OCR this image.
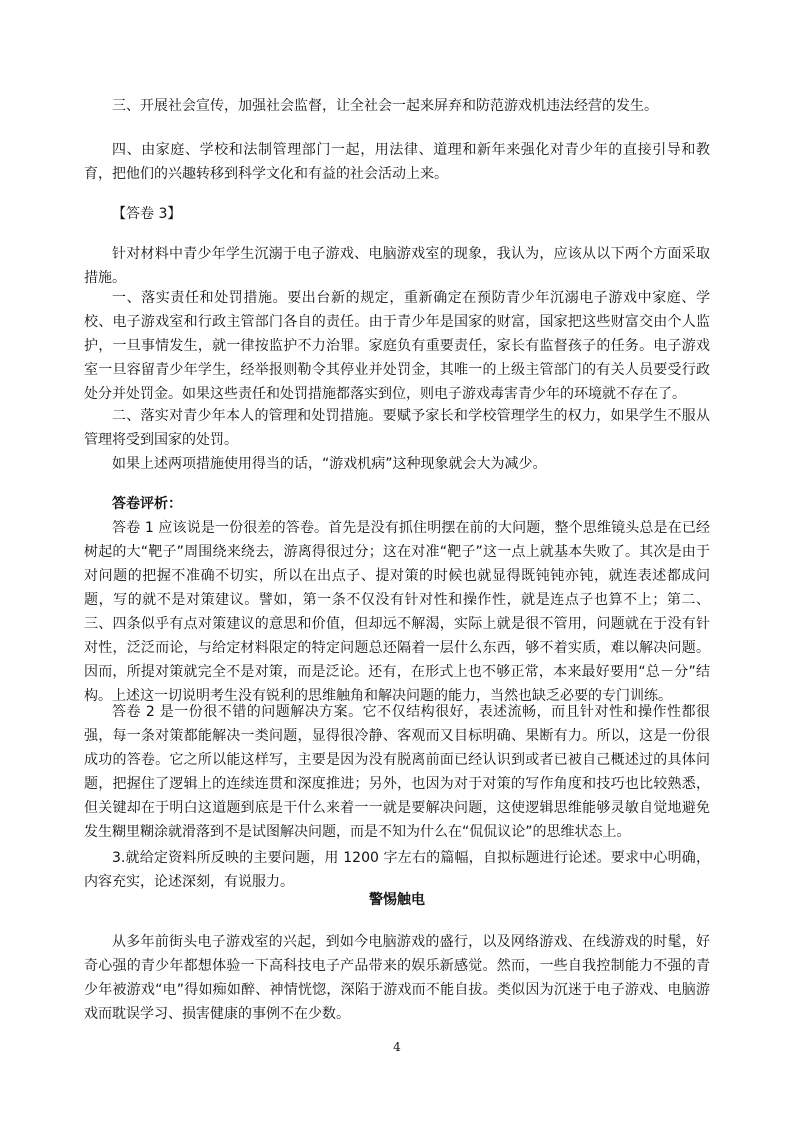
三、开展社会宣传，加强社会监督，让全社会一起来屏弃和防范游戏机违法经营的发生。

四、由家庭、学校和法制管理部门一起，用法律、道理和新年来强化对青少年的直接引导和教育，把他们的兴趣转移到科学文化和有益的社会活动上来。

【答卷 3】

针对材料中青少年学生沉溺于电子游戏、电脑游戏室的现象，我认为，应该从以下两个方面采取措施。

一、落实责任和处罚措施。要出台新的规定，重新确定在预防青少年沉溺电子游戏中家庭、学校、电子游戏室和行政主管部门各自的责任。由于青少年是国家的财富，国家把这些财富交由个人监护，一旦事情发生，就一律按监护不力治罪。家庭负有重要责任，家长有监督孩子的任务。电子游戏室一旦容留青少年学生，经举报则勒令其停业并处罚金，其唯一的上级主管部门的有关人员要受行政处分并处罚金。如果这些责任和处罚措施都落实到位，则电子游戏毒害青少年的环境就不存在了。

二、落实对青少年本人的管理和处罚措施。要赋予家长和学校管理学生的权力，如果学生不服从管理将受到国家的处罚。

如果上述两项措施使用得当的话，“游戏机病”这种现象就会大为减少。

答卷评析：

答卷 1 应该说是一份很差的答卷。首先是没有抓住明摆在前的大问题，整个思维镜头总是在已经树起的大“靶子”周围绕来绕去，游离得很过分；这在对准“靶子”这一点上就基本失败了。其次是由于对问题的把握不准确不切实，所以在出点子、提对策的时候也就显得既钝钝亦钝，就连表述都成问题，写的就不是对策建议。譬如，第一条不仅没有针对性和操作性，就是连点子也算不上；第二、三、四条似乎有点对策建议的意思和价值，但却远不解渴，实际上就是很不管用，问题就在于没有针对性，泛泛而论，与给定材料限定的特定问题总还隔着一层什么东西，够不着实质，难以解决问题。因而，所提对策就完全不是对策，而是泛论。还有，在形式上也不够正常，本来最好要用“总－分”结构。上述这一切说明考生没有锐利的思维触角和解决问题的能力，当然也缺乏必要的专门训练。

答卷 2 是一份很不错的问题解决方案。它不仅结构很好，表述流畅，而且针对性和操作性都很强，每一条对策都能解决一类问题，显得很冷静、客观而又目标明确、果断有力。所以，这是一份很成功的答卷。它之所以能这样写，主要是因为没有脱离前面已经认识到或者已被自己概述过的具体问题，把握住了逻辑上的连续连贯和深度推进；另外，也因为对于对策的写作角度和技巧也比较熟悉，但关键却在于明白这道题到底是干什么来着一一就是要解决问题，这使逻辑思维能够灵敏自觉地避免发生糊里糊涂就滑落到不是试图解决问题，而是不知为什么在“侃侃议论”的思维状态上。

3.就给定资料所反映的主要问题，用 1200 字左右的篇幅，自拟标题进行论述。要求中心明确，内容充实，论述深刻，有说服力。

警惕触电

从多年前街头电子游戏室的兴起，到如今电脑游戏的盛行，以及网络游戏、在线游戏的时髦，好奇心强的青少年都想体验一下高科技电子产品带来的娱乐新感觉。然而，一些自我控制能力不强的青少年被游戏“电”得如痴如醉、神情恍惚，深陷于游戏而不能自拔。类似因为沉迷于电子游戏、电脑游戏而耽误学习、损害健康的事例不在少数。

4
